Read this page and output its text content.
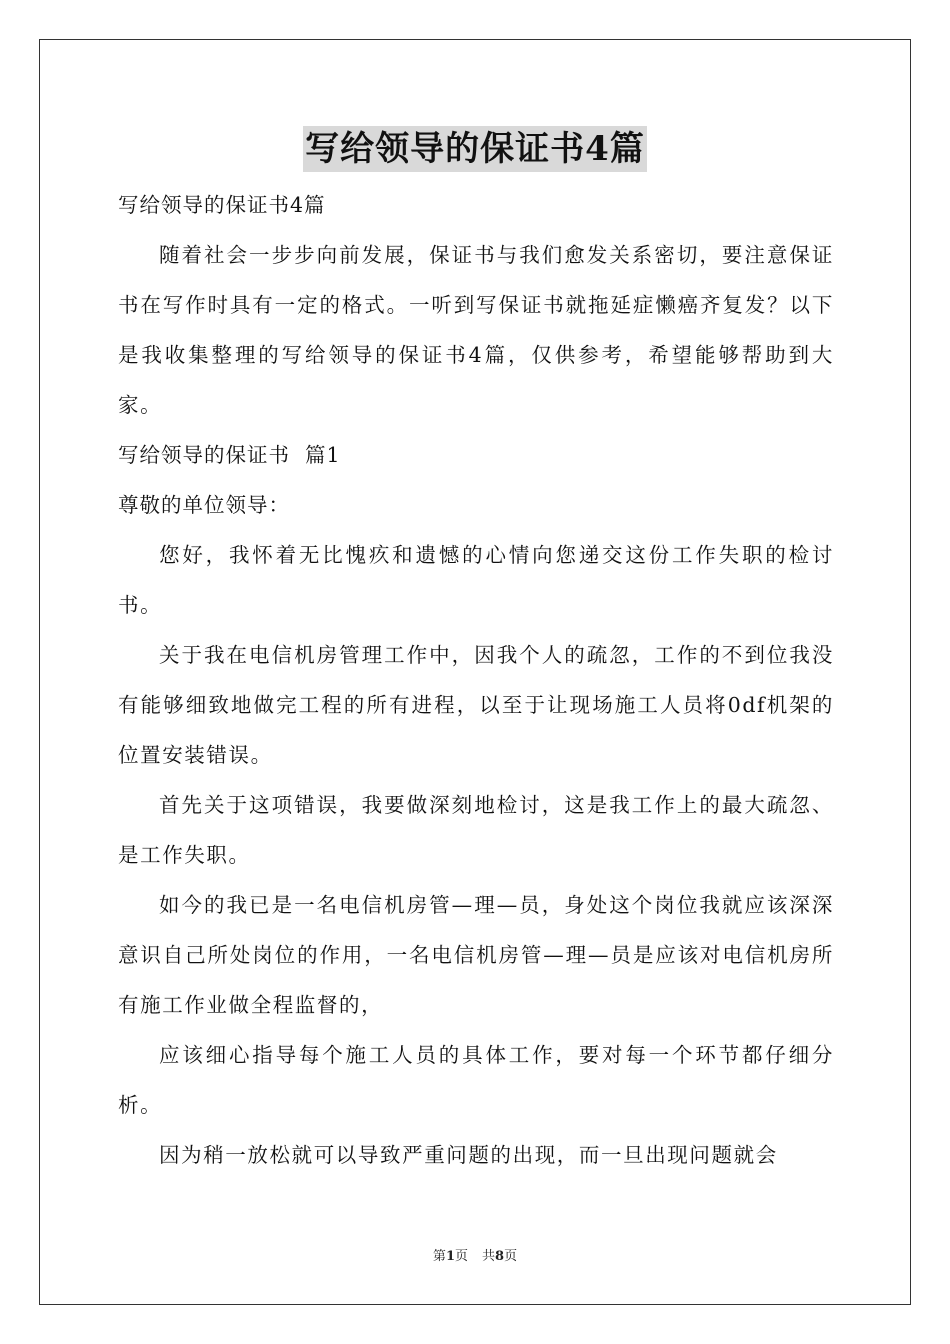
写给领导的保证书4篇

写给领导的保证书4篇

随着社会一步步向前发展，保证书与我们愈发关系密切，要注意保证书在写作时具有一定的格式。一听到写保证书就拖延症懒癌齐复发？以下是我收集整理的写给领导的保证书4篇，仅供参考，希望能够帮助到大家。

写给领导的保证书  篇1

尊敬的单位领导：

您好，我怀着无比愧疚和遗憾的心情向您递交这份工作失职的检讨书。

关于我在电信机房管理工作中，因我个人的疏忽，工作的不到位我没有能够细致地做完工程的所有进程，以至于让现场施工人员将0df机架的位置安装错误。

首先关于这项错误，我要做深刻地检讨，这是我工作上的最大疏忽、是工作失职。

如今的我已是一名电信机房管—理—员，身处这个岗位我就应该深深意识自己所处岗位的作用，一名电信机房管—理—员是应该对电信机房所有施工作业做全程监督的，

应该细心指导每个施工人员的具体工作，要对每一个环节都仔细分析。

因为稍一放松就可以导致严重问题的出现，而一旦出现问题就会

第1页 共8页
